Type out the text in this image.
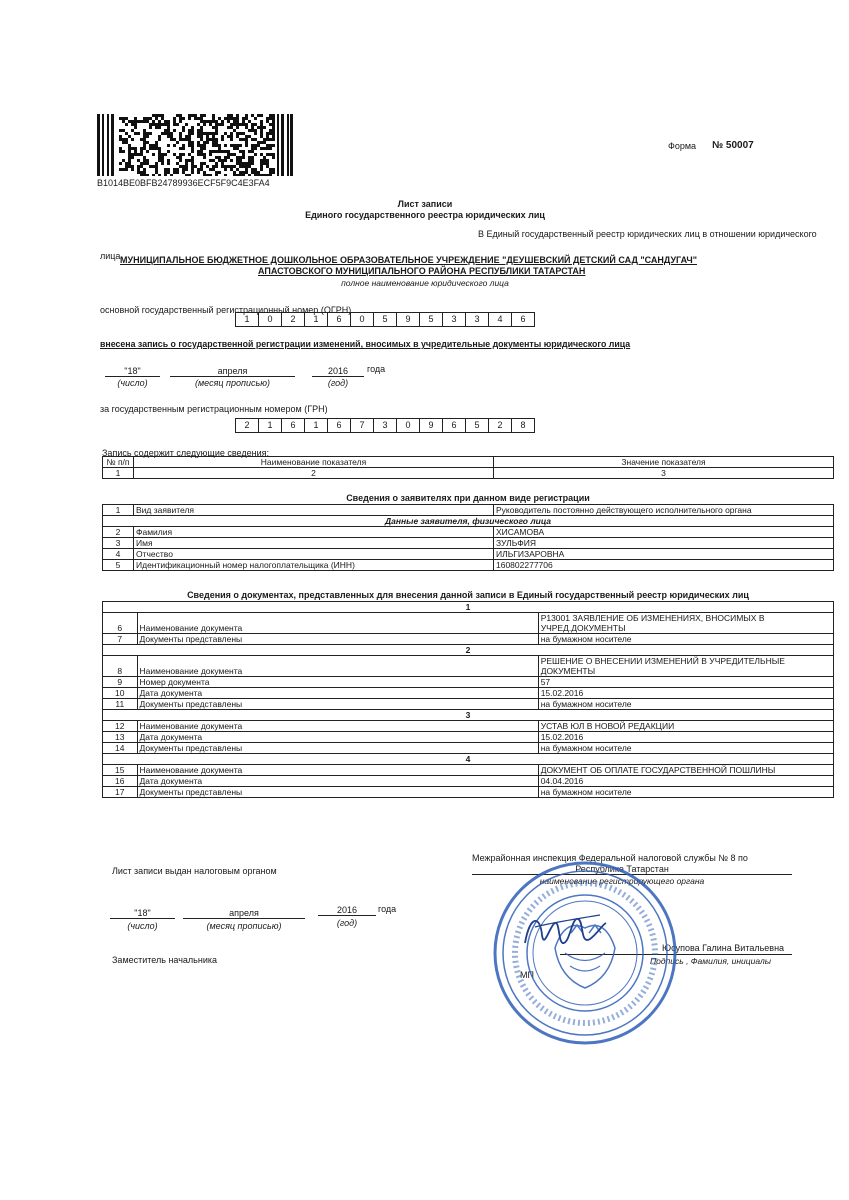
B1014BE0BFB24789936ECF5F9C4E3FA4
Форма № 50007
Лист записи
Единого государственного реестра юридических лиц
В Единый государственный реестр юридических лиц в отношении юридического
лица МУНИЦИПАЛЬНОЕ БЮДЖЕТНОЕ ДОШКОЛЬНОЕ ОБРАЗОВАТЕЛЬНОЕ УЧРЕЖДЕНИЕ "ДЕУШЕВСКИЙ ДЕТСКИЙ САД "САНДУГАЧ"
АПАСТОВСКОГО МУНИЦИПАЛЬНОГО РАЙОНА РЕСПУБЛИКИ ТАТАРСТАН
полное наименование юридического лица
основной государственный регистрационный номер (ОГРН)
1	0	2	1	6	0	5	9	5	3	3	4	6
внесена запись о государственной регистрации изменений, вносимых в учредительные документы юридического лица
"18"	апреля	2016	года
(число)	(месяц прописью)	(год)
за государственным регистрационным номером (ГРН)
2	1	6	1	6	7	3	0	9	6	5	2	8
Запись содержит следующие сведения:
№ п/п	Наименование показателя	Значение показателя
1	2	3
Сведения о заявителях при данном виде регистрации
1	Вид заявителя	Руководитель постоянно действующего исполнительного органа
Данные заявителя, физического лица		
2	Фамилия	ХИСАМОВА
3	Имя	ЗУЛЬФИЯ
4	Отчество	ИЛЬГИЗАРОВНА
5	Идентификационный номер налогоплательщика (ИНН)	160802277706
Сведения о документах, представленных для внесения данной записи в Единый государственный реестр юридических лиц
1		
6	Наименование документа	Р13001 ЗАЯВЛЕНИЕ ОБ ИЗМЕНЕНИЯХ, ВНОСИМЫХ В УЧРЕД.ДОКУМЕНТЫ
7	Документы представлены	на бумажном носителе
2		
8	Наименование документа	РЕШЕНИЕ О ВНЕСЕНИИ ИЗМЕНЕНИЙ В УЧРЕДИТЕЛЬНЫЕ ДОКУМЕНТЫ
9	Номер документа	57
10	Дата документа	15.02.2016
11	Документы представлены	на бумажном носителе
3		
12	Наименование документа	УСТАВ ЮЛ В НОВОЙ РЕДАКЦИИ
13	Дата документа	15.02.2016
14	Документы представлены	на бумажном носителе
4		
15	Наименование документа	ДОКУМЕНТ ОБ ОПЛАТЕ ГОСУДАРСТВЕННОЙ ПОШЛИНЫ
16	Дата документа	04.04.2016
17	Документы представлены	на бумажном носителе
Лист записи выдан налоговым органом
Межрайонная инспекция Федеральной налоговой службы № 8 по
Республике Татарстан
наименование регистрирующего органа
"18"	апреля	2016	года
(число)	(месяц прописью)	(год)
Заместитель начальника
Юсупова Галина Витальевна
Подпись , Фамилия, инициалы
МП
